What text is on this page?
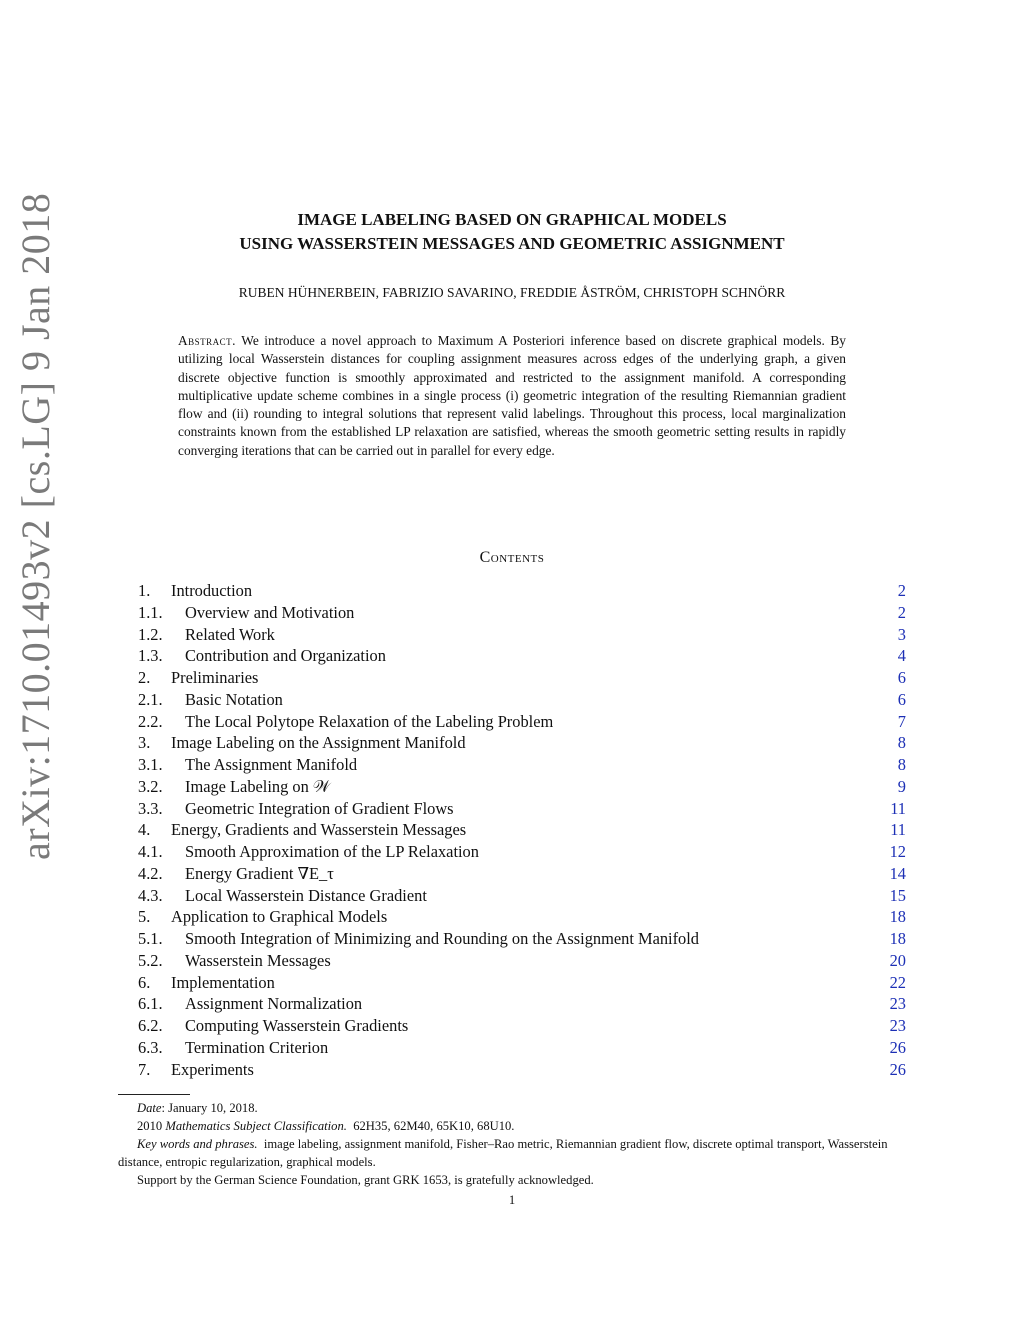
arXiv:1710.01493v2 [cs.LG] 9 Jan 2018	IMAGE LABELING BASED ON GRAPHICAL MODELS
USING WASSERSTEIN MESSAGES AND GEOMETRIC ASSIGNMENT
RUBEN HÜHNERBEIN, FABRIZIO SAVARINO, FREDDIE ÅSTRÖM, CHRISTOPH SCHNÖRR
Abstract. We introduce a novel approach to Maximum A Posteriori inference based on discrete graphical models. By utilizing local Wasserstein distances for coupling assignment measures across edges of the underlying graph, a given discrete objective function is smoothly approximated and restricted to the assignment manifold. A corresponding multiplicative update scheme combines in a single process (i) geometric integration of the resulting Riemannian gradient flow and (ii) rounding to integral solutions that represent valid labelings. Throughout this process, local marginalization constraints known from the established LP relaxation are satisfied, whereas the smooth geometric setting results in rapidly converging iterations that can be carried out in parallel for every edge.
Contents
1.	Introduction	2
1.1.	Overview and Motivation	2
1.2.	Related Work	3
1.3.	Contribution and Organization	4
2.	Preliminaries	6
2.1.	Basic Notation	6
2.2.	The Local Polytope Relaxation of the Labeling Problem	7
3.	Image Labeling on the Assignment Manifold	8
3.1.	The Assignment Manifold	8
3.2.	Image Labeling on 𝒲	9
3.3.	Geometric Integration of Gradient Flows	11
4.	Energy, Gradients and Wasserstein Messages	11
4.1.	Smooth Approximation of the LP Relaxation	12
4.2.	Energy Gradient ∇E_τ	14
4.3.	Local Wasserstein Distance Gradient	15
5.	Application to Graphical Models	18
5.1.	Smooth Integration of Minimizing and Rounding on the Assignment Manifold	18
5.2.	Wasserstein Messages	20
6.	Implementation	22
6.1.	Assignment Normalization	23
6.2.	Computing Wasserstein Gradients	23
6.3.	Termination Criterion	26
7.	Experiments	26

Date: January 10, 2018.

2010 Mathematics Subject Classification. 62H35, 62M40, 65K10, 68U10.

Key words and phrases. image labeling, assignment manifold, Fisher–Rao metric, Riemannian gradient flow, discrete optimal transport, Wasserstein distance, entropic regularization, graphical models.

Support by the German Science Foundation, grant GRK 1653, is gratefully acknowledged.

1
